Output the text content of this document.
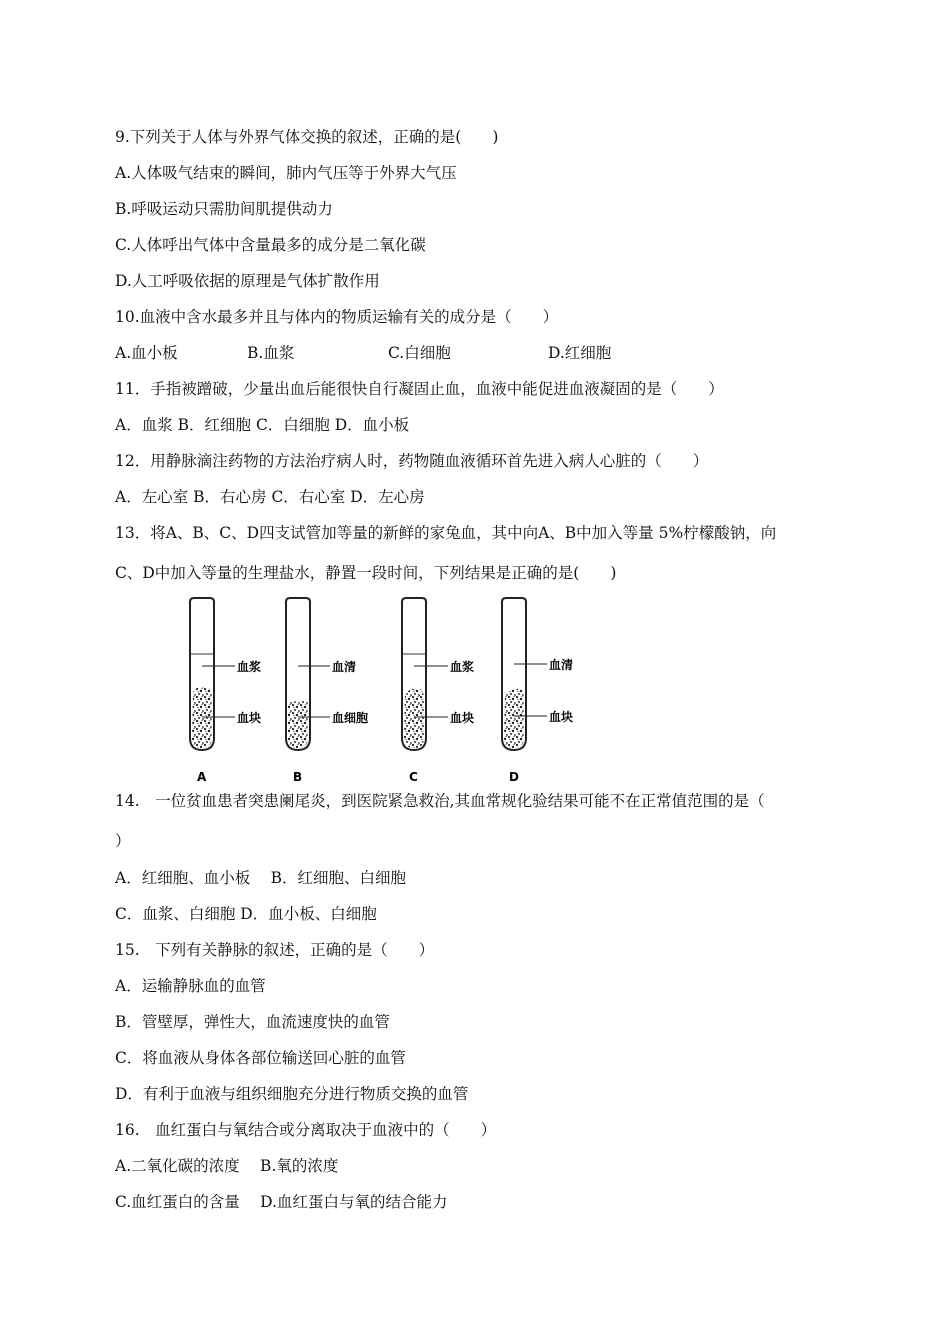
9.下列关于人体与外界气体交换的叙述，正确的是(　　)
A.人体吸气结束的瞬间，肺内气压等于外界大气压
B.呼吸运动只需肋间肌提供动力
C.人体呼出气体中含量最多的成分是二氧化碳
D.人工呼吸依据的原理是气体扩散作用
10.血液中含水最多并且与体内的物质运输有关的成分是（　　）
A.血小板	B.血浆	C.白细胞	D.红细胞
11．手指被蹭破，少量出血后能很快自行凝固止血，血液中能促进血液凝固的是（　　）
A．血浆 B．红细胞 C．白细胞 D．血小板
12．用静脉滴注药物的方法治疗病人时，药物随血液循环首先进入病人心脏的（　　）
A．左心室 B．右心房 C．右心室 D．左心房
13．将A、B、C、D四支试管加等量的新鲜的家兔血，其中向A、B中加入等量 5%柠檬酸钠，向
C、D中加入等量的生理盐水，静置一段时间，下列结果是正确的是(　　)
血浆
血块
A
血清
血细胞
B
血浆
血块
C
血清
血块
D
14.　一位贫血患者突患阑尾炎，到医院紧急救治,其血常规化验结果可能不在正常值范围的是（
）
A．红细胞、血小板　 B．红细胞、白细胞
C．血浆、白细胞 D．血小板、白细胞
15.　下列有关静脉的叙述，正确的是（　　）
A．运输静脉血的血管
B．管壁厚，弹性大，血流速度快的血管
C．将血液从身体各部位输送回心脏的血管
D．有利于血液与组织细胞充分进行物质交换的血管
16.　血红蛋白与氧结合或分离取决于血液中的（　　）
A.二氧化碳的浓度　 B.氧的浓度
C.血红蛋白的含量　 D.血红蛋白与氧的结合能力
